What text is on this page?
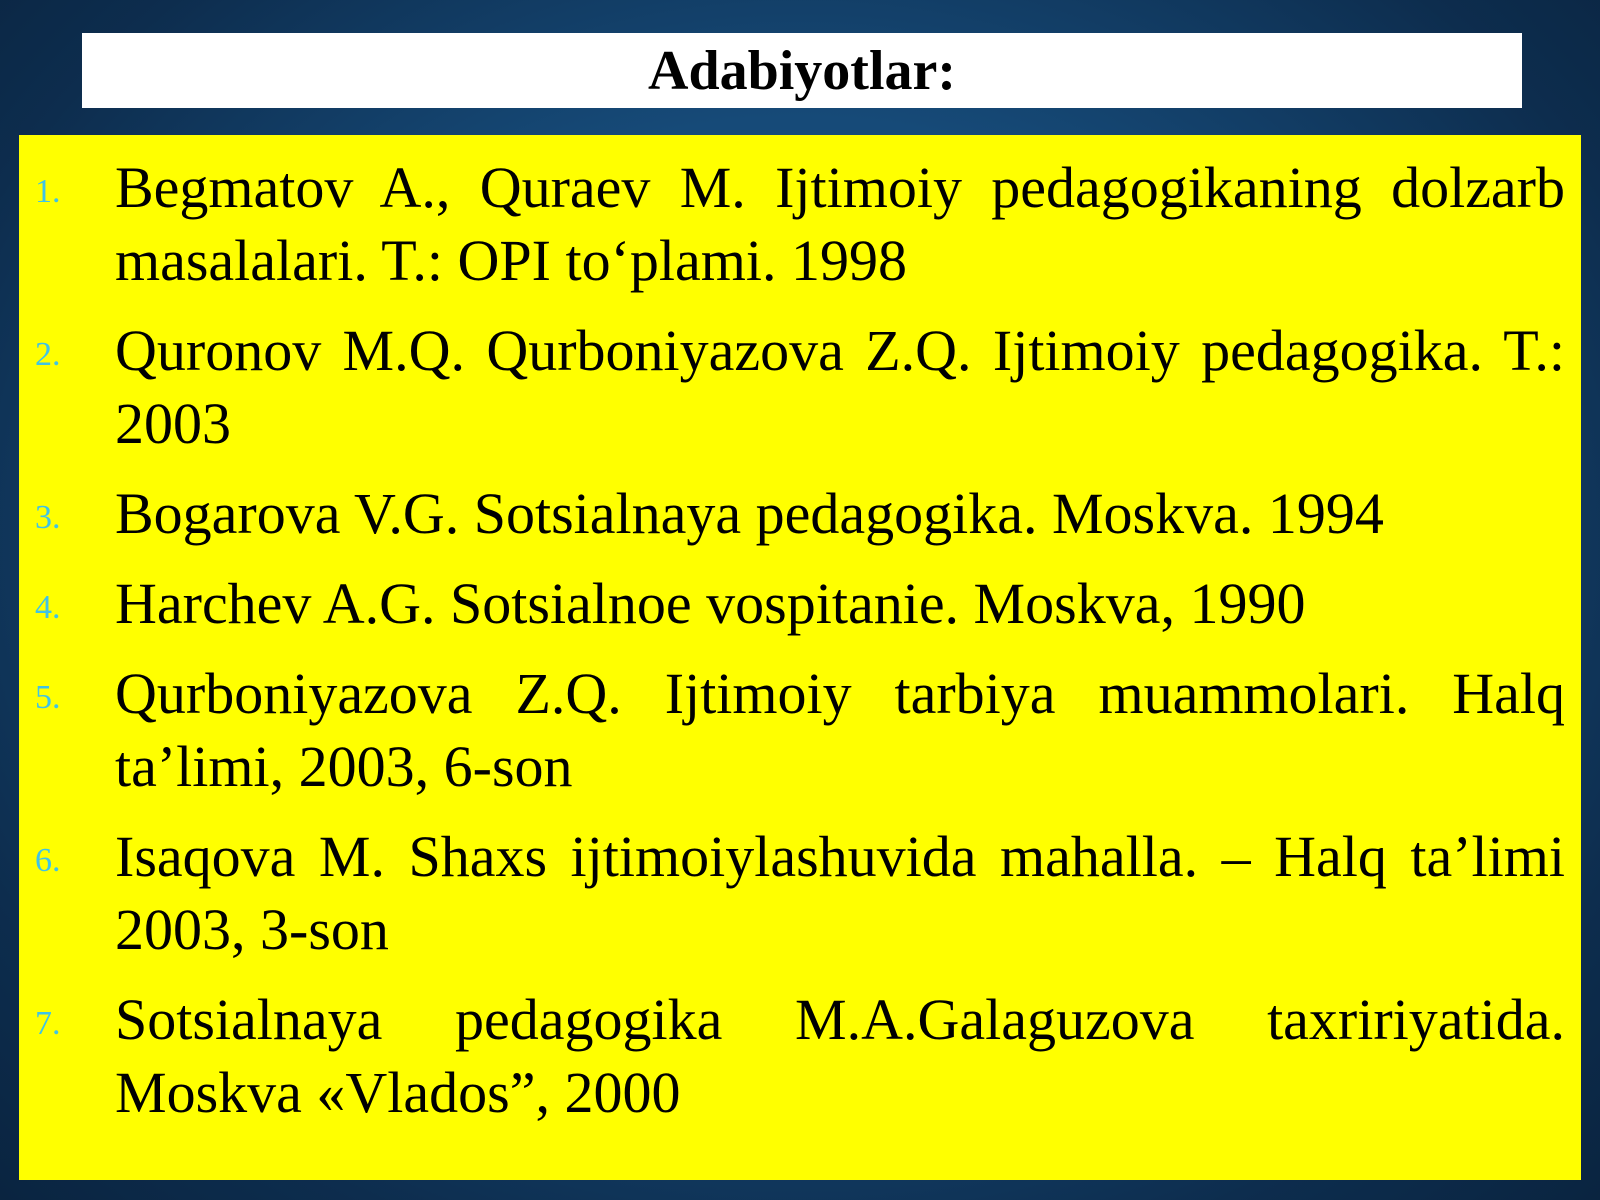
Adabiyotlar:
1. Begmatov A., Quraev M. Ijtimoiy pedagogikaning dolzarb masalalari. T.: OPI to‘plami. 1998
2. Quronov M.Q. Qurboniyazova Z.Q. Ijtimoiy pedagogika. T.: 2003
3. Bogarova V.G. Sotsialnaya pedagogika. Moskva. 1994
4. Harchev A.G. Sotsialnoe vospitanie. Moskva, 1990
5. Qurboniyazova Z.Q. Ijtimoiy tarbiya muammolari. Halq ta’limi, 2003, 6-son
6. Isaqova M. Shaxs ijtimoiylashuvida mahalla. – Halq ta’limi 2003, 3-son
7. Sotsialnaya pedagogika M.A.Galaguzova taxririyatida. Moskva «Vlados”, 2000
